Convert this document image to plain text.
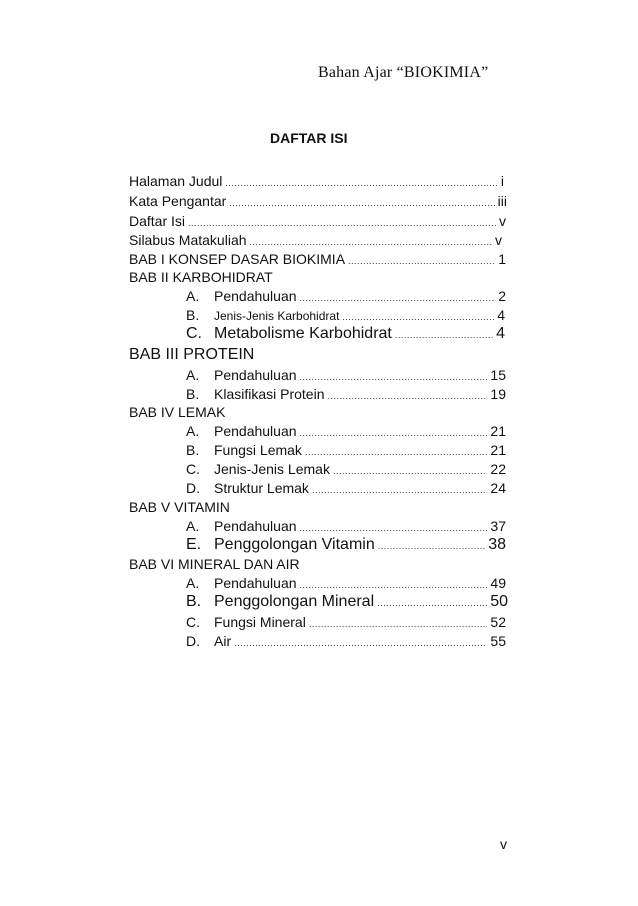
Bahan Ajar “BIOKIMIA”
DAFTAR ISI
Halaman Judul .....	i
Kata Pengantar .....	iii
Daftar Isi .....	v
Silabus Matakuliah .....	v
BAB I KONSEP DASAR BIOKIMIA .....	1
BAB II KARBOHIDRAT
A.	Pendahuluan .....	2
B.	Jenis-Jenis Karbohidrat .....	4
C. Metabolisme Karbohidrat .....	4
BAB III PROTEIN
A.	Pendahuluan .....	15
B.	Klasifikasi Protein .....	19
BAB IV LEMAK
A.	Pendahuluan .....	21
B.	Fungsi Lemak .....	21
C.	Jenis-Jenis Lemak .....	22
D.	Struktur Lemak .....	24
BAB V VITAMIN
A.	Pendahuluan .....	37
E. Penggolongan Vitamin .....	38
BAB VI MINERAL DAN AIR
A.	Pendahuluan .....	49
B. Penggolongan Mineral .....	50
C.	Fungsi Mineral .....	52
D.	Air .....	55
v
